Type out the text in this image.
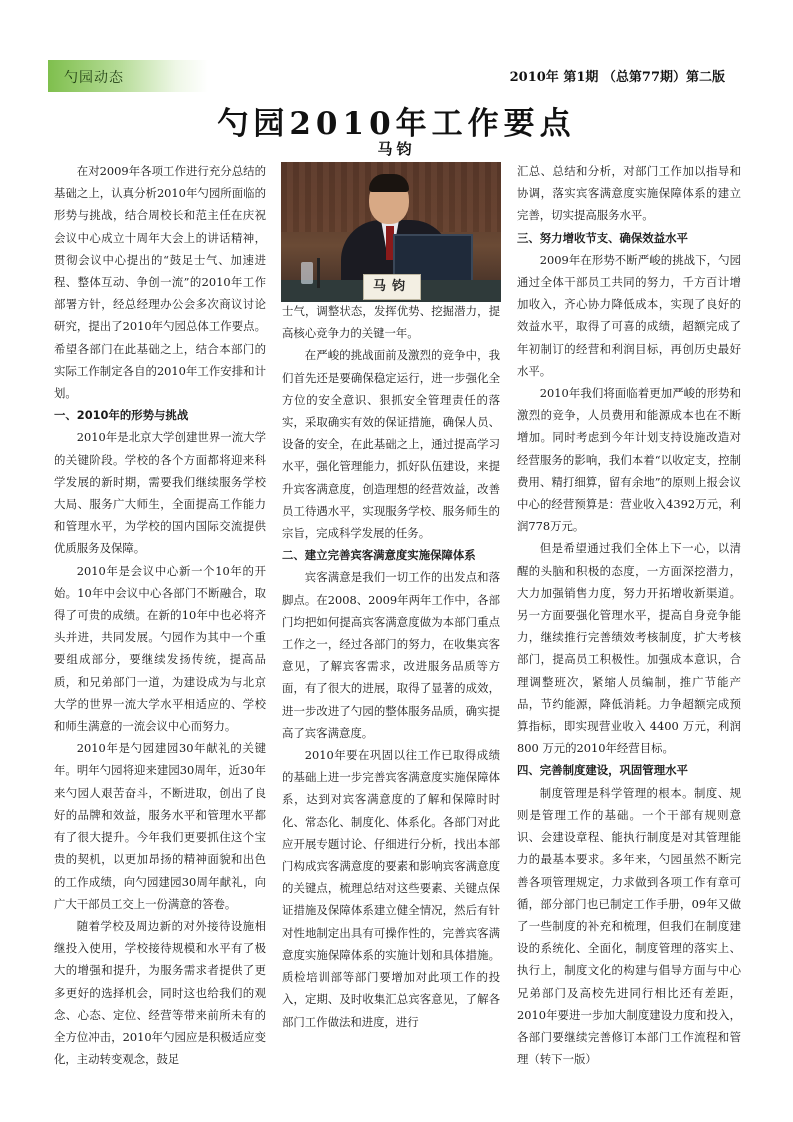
勺园动态	2010年 第1期 （总第77期）第二版
勺园2010年工作要点
马钧
马钧

在对2009年各项工作进行充分总结的基础之上，认真分析2010年勺园所面临的形势与挑战，结合周校长和范主任在庆祝会议中心成立十周年大会上的讲话精神，贯彻会议中心提出的“鼓足士气、加速进程、整体互动、争创一流”的2010年工作部署方针，经总经理办公会多次商议讨论研究，提出了2010年勺园总体工作要点。希望各部门在此基础之上，结合本部门的实际工作制定各自的2010年工作安排和计划。

一、2010年的形势与挑战

2010年是北京大学创建世界一流大学的关键阶段。学校的各个方面都将迎来科学发展的新时期，需要我们继续服务学校大局、服务广大师生，全面提高工作能力和管理水平，为学校的国内国际交流提供优质服务及保障。

2010年是会议中心新一个10年的开始。10年中会议中心各部门不断融合，取得了可贵的成绩。在新的10年中也必将齐头并进，共同发展。勺园作为其中一个重要组成部分，要继续发扬传统，提高品质，和兄弟部门一道，为建设成为与北京大学的世界一流大学水平相适应的、学校和师生满意的一流会议中心而努力。

2010年是勺园建园30年献礼的关键年。明年勺园将迎来建园30周年，近30年来勺园人艰苦奋斗，不断进取，创出了良好的品牌和效益，服务水平和管理水平都有了很大提升。今年我们更要抓住这个宝贵的契机，以更加昂扬的精神面貌和出色的工作成绩，向勺园建园30周年献礼，向广大干部员工交上一份满意的答卷。

随着学校及周边新的对外接待设施相继投入使用，学校接待规模和水平有了极大的增强和提升，为服务需求者提供了更多更好的选择机会，同时这也给我们的观念、心态、定位、经营等带来前所未有的全方位冲击，2010年勺园应是积极适应变化，主动转变观念，鼓足

士气，调整状态，发挥优势、挖掘潜力，提高核心竞争力的关键一年。

在严峻的挑战面前及激烈的竞争中，我们首先还是要确保稳定运行，进一步强化全方位的安全意识、狠抓安全管理责任的落实，采取确实有效的保证措施，确保人员、设备的安全，在此基础之上，通过提高学习水平，强化管理能力，抓好队伍建设，来提升宾客满意度，创造理想的经营效益，改善员工待遇水平，实现服务学校、服务师生的宗旨，完成科学发展的任务。

二、建立完善宾客满意度实施保障体系

宾客满意是我们一切工作的出发点和落脚点。在2008、2009年两年工作中，各部门均把如何提高宾客满意度做为本部门重点工作之一，经过各部门的努力，在收集宾客意见，了解宾客需求，改进服务品质等方面，有了很大的进展，取得了显著的成效，进一步改进了勺园的整体服务品质，确实提高了宾客满意度。

2010年要在巩固以往工作已取得成绩的基础上进一步完善宾客满意度实施保障体系，达到对宾客满意度的了解和保障时时化、常态化、制度化、体系化。各部门对此应开展专题讨论、仔细进行分析，找出本部门构成宾客满意度的要素和影响宾客满意度的关键点，梳理总结对这些要素、关键点保证措施及保障体系建立健全情况，然后有针对性地制定出具有可操作性的，完善宾客满意度实施保障体系的实施计划和具体措施。质检培训部等部门要增加对此项工作的投入，定期、及时收集汇总宾客意见，了解各部门工作做法和进度，进行

汇总、总结和分析，对部门工作加以指导和协调，落实宾客满意度实施保障体系的建立完善，切实提高服务水平。

三、努力增收节支、确保效益水平

2009年在形势不断严峻的挑战下，勺园通过全体干部员工共同的努力，千方百计增加收入，齐心协力降低成本，实现了良好的效益水平，取得了可喜的成绩，超额完成了年初制订的经营和利润目标，再创历史最好水平。

2010年我们将面临着更加严峻的形势和激烈的竞争，人员费用和能源成本也在不断增加。同时考虑到今年计划支持设施改造对经营服务的影响，我们本着“以收定支，控制费用、精打细算，留有余地”的原则上报会议中心的经营预算是：营业收入4392万元，利润778万元。

但是希望通过我们全体上下一心，以清醒的头脑和积极的态度，一方面深挖潜力，大力加强销售力度，努力开拓增收新渠道。另一方面要强化管理水平，提高自身竞争能力，继续推行完善绩效考核制度，扩大考核部门，提高员工积极性。加强成本意识，合理调整班次，紧缩人员编制，推广节能产品，节约能源，降低消耗。力争超额完成预算指标，即实现营业收入 4400 万元，利润 800 万元的2010年经营目标。

四、完善制度建设，巩固管理水平

制度管理是科学管理的根本。制度、规则是管理工作的基础。一个干部有规则意识、会建设章程、能执行制度是对其管理能力的最基本要求。多年来，勺园虽然不断完善各项管理规定，力求做到各项工作有章可循，部分部门也已制定工作手册，09年又做了一些制度的补充和梳理，但我们在制度建设的系统化、全面化，制度管理的落实上、执行上，制度文化的构建与倡导方面与中心兄弟部门及高校先进同行相比还有差距，2010年要进一步加大制度建设力度和投入，各部门要继续完善修订本部门工作流程和管理（转下一版）
